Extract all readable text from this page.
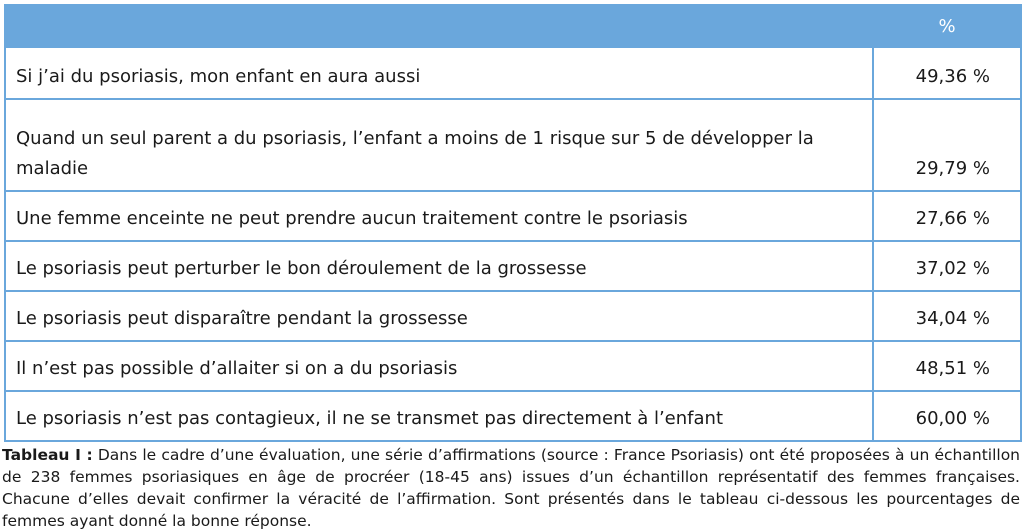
	%
Si j’ai du psoriasis, mon enfant en aura aussi	49,36 %
Quand un seul parent a du psoriasis, l’enfant a moins de 1 risque sur 5 de développer la maladie	29,79 %
Une femme enceinte ne peut prendre aucun traitement contre le psoriasis	27,66 %
Le psoriasis peut perturber le bon déroulement de la grossesse	37,02 %
Le psoriasis peut disparaître pendant la grossesse	34,04 %
Il n’est pas possible d’allaiter si on a du psoriasis	48,51 %
Le psoriasis n’est pas contagieux, il ne se transmet pas directement à l’enfant	60,00 %

Tableau I : Dans le cadre d’une évaluation, une série d’affirmations (source : France Psoriasis) ont été proposées à un échantillon de 238 femmes psoriasiques en âge de procréer (18-45 ans) issues d’un échantillon représentatif des femmes françaises. Chacune d’elles devait confirmer la véracité de l’affirmation. Sont présentés dans le tableau ci-dessous les pourcentages de femmes ayant donné la bonne réponse.
